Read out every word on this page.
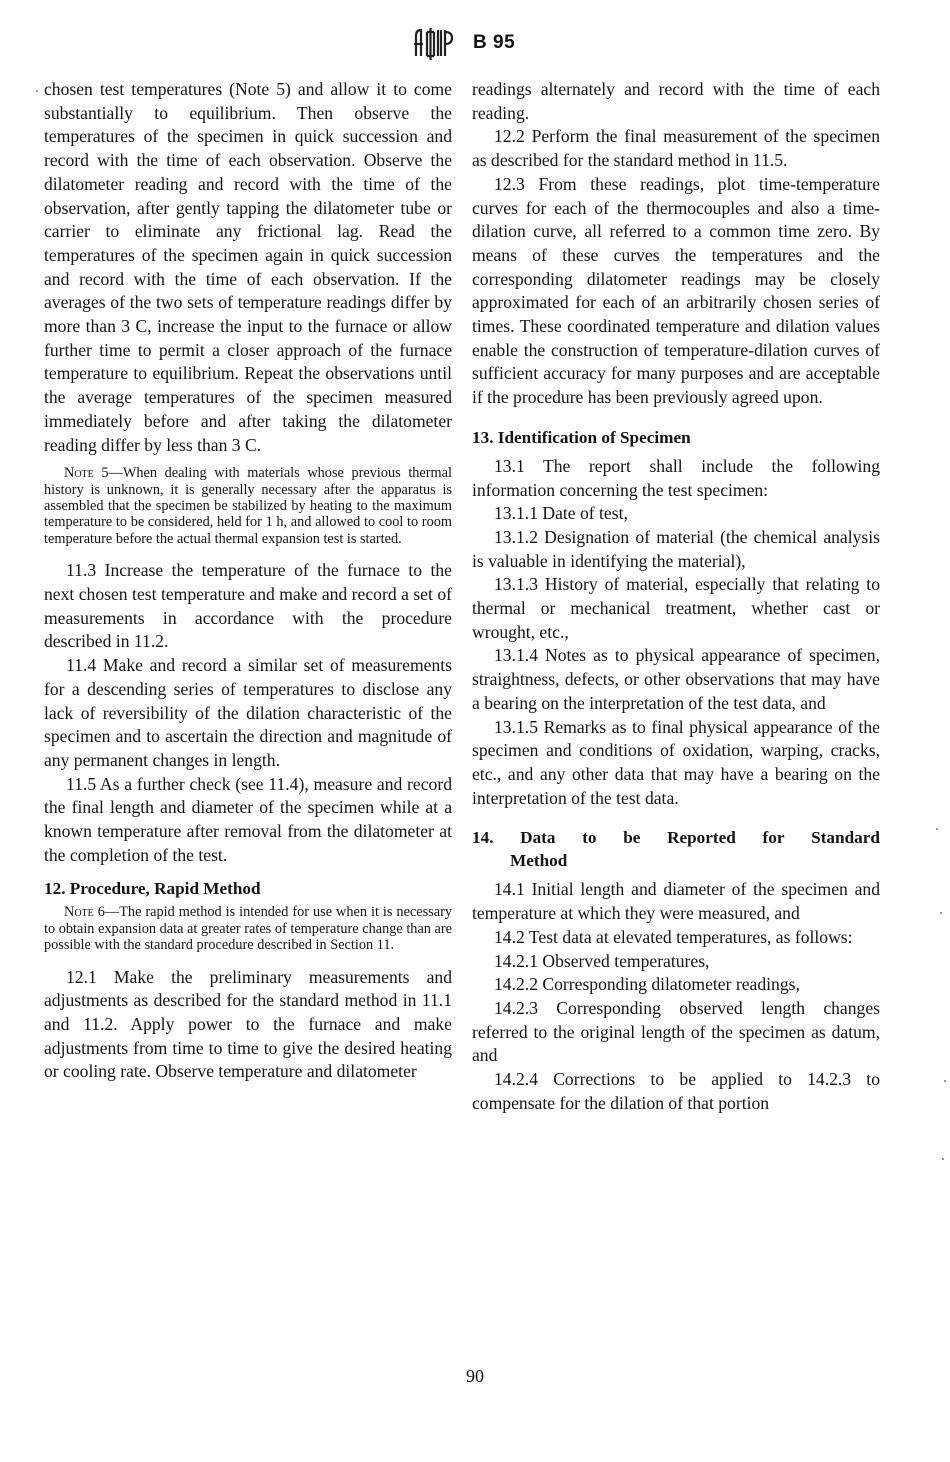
B 95

chosen test temperatures (Note 5) and allow it to come substantially to equilibrium. Then observe the temperatures of the specimen in quick succession and record with the time of each observation. Observe the dilatometer reading and record with the time of the observation, after gently tapping the dilatometer tube or carrier to eliminate any frictional lag. Read the temperatures of the specimen again in quick succession and record with the time of each observation. If the averages of the two sets of temperature readings differ by more than 3 C, increase the input to the furnace or allow further time to permit a closer approach of the furnace temperature to equilibrium. Repeat the observations until the average temperatures of the specimen measured immediately before and after taking the dilatometer reading differ by less than 3 C.

Note 5—When dealing with materials whose previous thermal history is unknown, it is generally necessary after the apparatus is assembled that the specimen be stabilized by heating to the maximum temperature to be considered, held for 1 h, and allowed to cool to room temperature before the actual thermal expansion test is started.

11.3 Increase the temperature of the furnace to the next chosen test temperature and make and record a set of measurements in accordance with the procedure described in 11.2.

11.4 Make and record a similar set of measurements for a descending series of temperatures to disclose any lack of reversibility of the dilation characteristic of the specimen and to ascertain the direction and magnitude of any permanent changes in length.

11.5 As a further check (see 11.4), measure and record the final length and diameter of the specimen while at a known temperature after removal from the dilatometer at the completion of the test.

12. Procedure, Rapid Method
Note 6—The rapid method is intended for use when it is necessary to obtain expansion data at greater rates of temperature change than are possible with the standard procedure described in Section 11.

12.1 Make the preliminary measurements and adjustments as described for the standard method in 11.1 and 11.2. Apply power to the furnace and make adjustments from time to time to give the desired heating or cooling rate. Observe temperature and dilatometer

readings alternately and record with the time of each reading.

12.2 Perform the final measurement of the specimen as described for the standard method in 11.5.

12.3 From these readings, plot time-temperature curves for each of the thermocouples and also a time-dilation curve, all referred to a common time zero. By means of these curves the temperatures and the corresponding dilatometer readings may be closely approximated for each of an arbitrarily chosen series of times. These coordinated temperature and dilation values enable the construction of temperature-dilation curves of sufficient accuracy for many purposes and are acceptable if the procedure has been previously agreed upon.

13. Identification of Specimen

13.1 The report shall include the following information concerning the test specimen:

13.1.1 Date of test,

13.1.2 Designation of material (the chemical analysis is valuable in identifying the material),

13.1.3 History of material, especially that relating to thermal or mechanical treatment, whether cast or wrought, etc.,

13.1.4 Notes as to physical appearance of specimen, straightness, defects, or other observations that may have a bearing on the interpretation of the test data, and

13.1.5 Remarks as to final physical appearance of the specimen and conditions of oxidation, warping, cracks, etc., and any other data that may have a bearing on the interpretation of the test data.

14. Data to be Reported for Standard
Method

14.1 Initial length and diameter of the specimen and temperature at which they were measured, and

14.2 Test data at elevated temperatures, as follows:

14.2.1 Observed temperatures,

14.2.2 Corresponding dilatometer readings,

14.2.3 Corresponding observed length changes referred to the original length of the specimen as datum, and

14.2.4 Corrections to be applied to 14.2.3 to compensate for the dilation of that portion

90
